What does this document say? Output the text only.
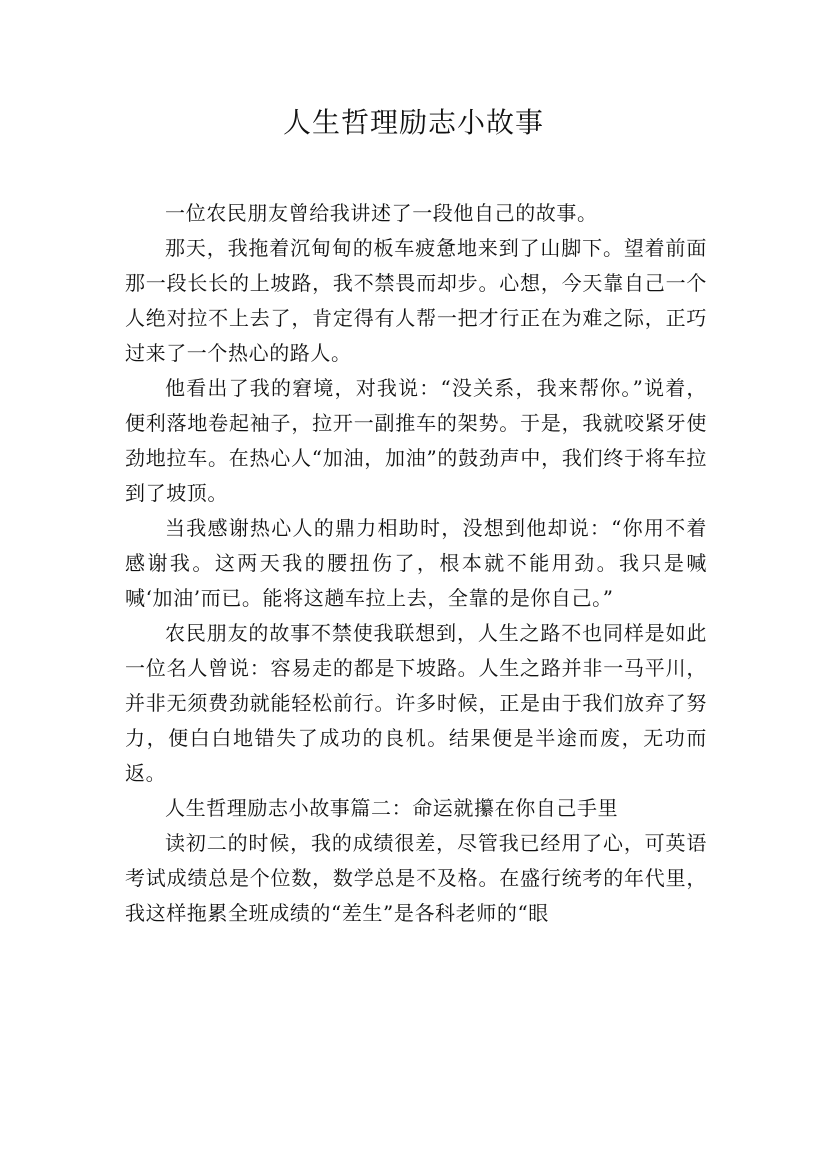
人生哲理励志小故事

一位农民朋友曾给我讲述了一段他自己的故事。

那天，我拖着沉甸甸的板车疲惫地来到了山脚下。望着前面那一段长长的上坡路，我不禁畏而却步。心想，今天靠自己一个人绝对拉不上去了，肯定得有人帮一把才行正在为难之际，正巧过来了一个热心的路人。

他看出了我的窘境，对我说：“没关系，我来帮你。”说着，便利落地卷起袖子，拉开一副推车的架势。于是，我就咬紧牙使劲地拉车。在热心人“加油，加油”的鼓劲声中，我们终于将车拉到了坡顶。

当我感谢热心人的鼎力相助时，没想到他却说：“你用不着感谢我。这两天我的腰扭伤了，根本就不能用劲。我只是喊喊‘加油’而已。能将这趟车拉上去，全靠的是你自己。”

农民朋友的故事不禁使我联想到，人生之路不也同样是如此一位名人曾说：容易走的都是下坡路。人生之路并非一马平川，并非无须费劲就能轻松前行。许多时候，正是由于我们放弃了努力，便白白地错失了成功的良机。结果便是半途而废，无功而返。

人生哲理励志小故事篇二：命运就攥在你自己手里

读初二的时候，我的成绩很差，尽管我已经用了心，可英语考试成绩总是个位数，数学总是不及格。在盛行统考的年代里，我这样拖累全班成绩的“差生”是各科老师的“眼
